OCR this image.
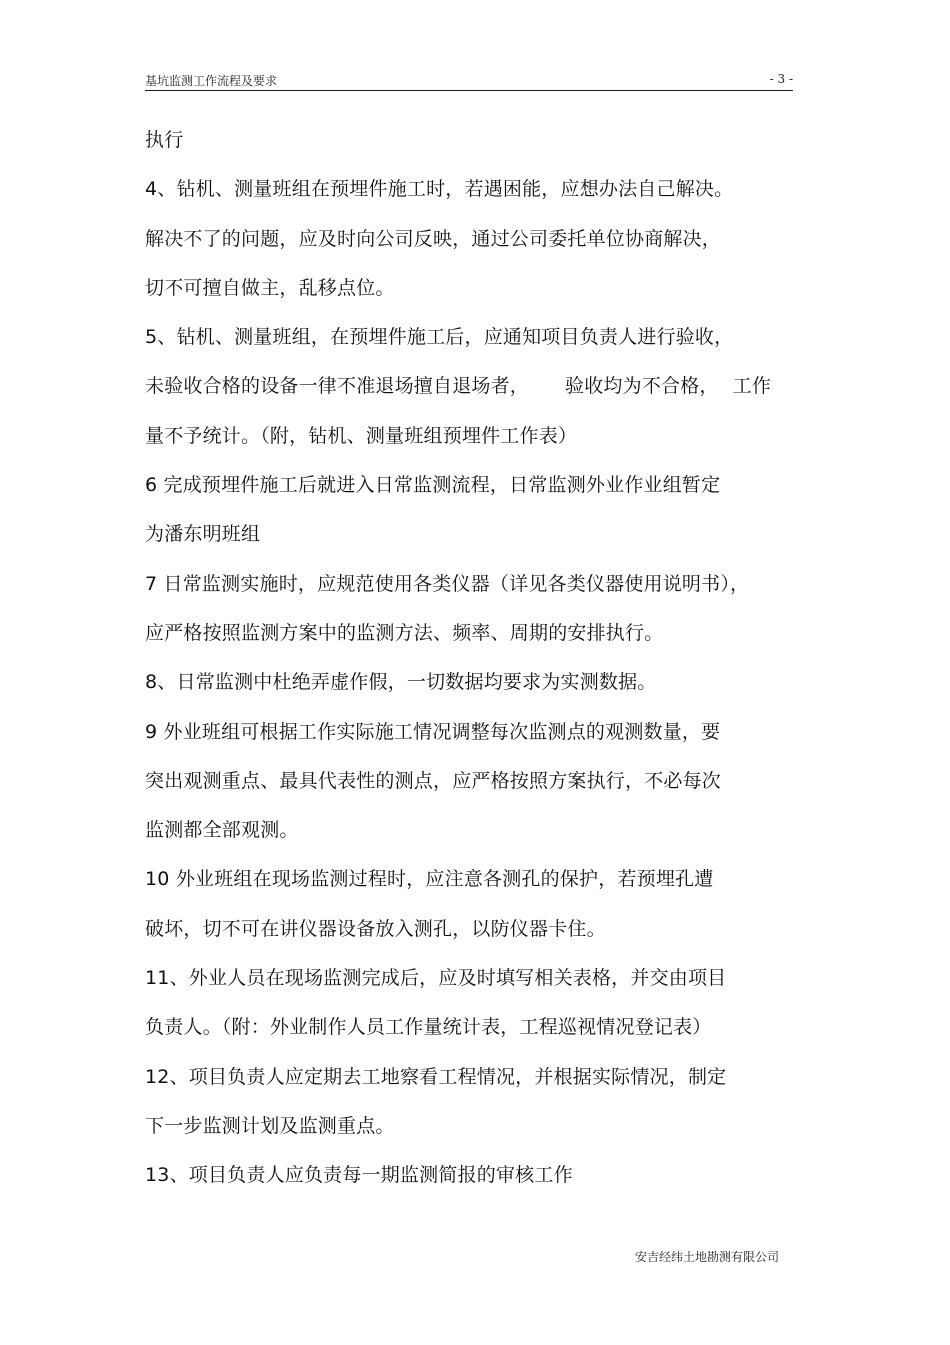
基坑监测工作流程及要求	- 3 -
执行
4、钻机、测量班组在预埋件施工时，若遇困能，应想办法自己解决。
解决不了的问题，应及时向公司反映，通过公司委托单位协商解决，
切不可擅自做主，乱移点位。
5、钻机、测量班组，在预埋件施工后，应通知项目负责人进行验收，
未验收合格的设备一律不准退场擅自退场者， 验收均为不合格， 工作
量不予统计。（附，钻机、测量班组预埋件工作表）
6 完成预埋件施工后就进入日常监测流程，日常监测外业作业组暂定
为潘东明班组
7 日常监测实施时，应规范使用各类仪器（详见各类仪器使用说明书），
应严格按照监测方案中的监测方法、频率、周期的安排执行。
8、日常监测中杜绝弄虚作假，一切数据均要求为实测数据。
9 外业班组可根据工作实际施工情况调整每次监测点的观测数量，要
突出观测重点、最具代表性的测点，应严格按照方案执行，不必每次
监测都全部观测。
10 外业班组在现场监测过程时，应注意各测孔的保护，若预埋孔遭
破坏，切不可在讲仪器设备放入测孔，以防仪器卡住。
11、外业人员在现场监测完成后，应及时填写相关表格，并交由项目
负责人。（附：外业制作人员工作量统计表，工程巡视情况登记表）
12、项目负责人应定期去工地察看工程情况，并根据实际情况，制定
下一步监测计划及监测重点。
13、项目负责人应负责每一期监测简报的审核工作
安吉经纬土地勘测有限公司
